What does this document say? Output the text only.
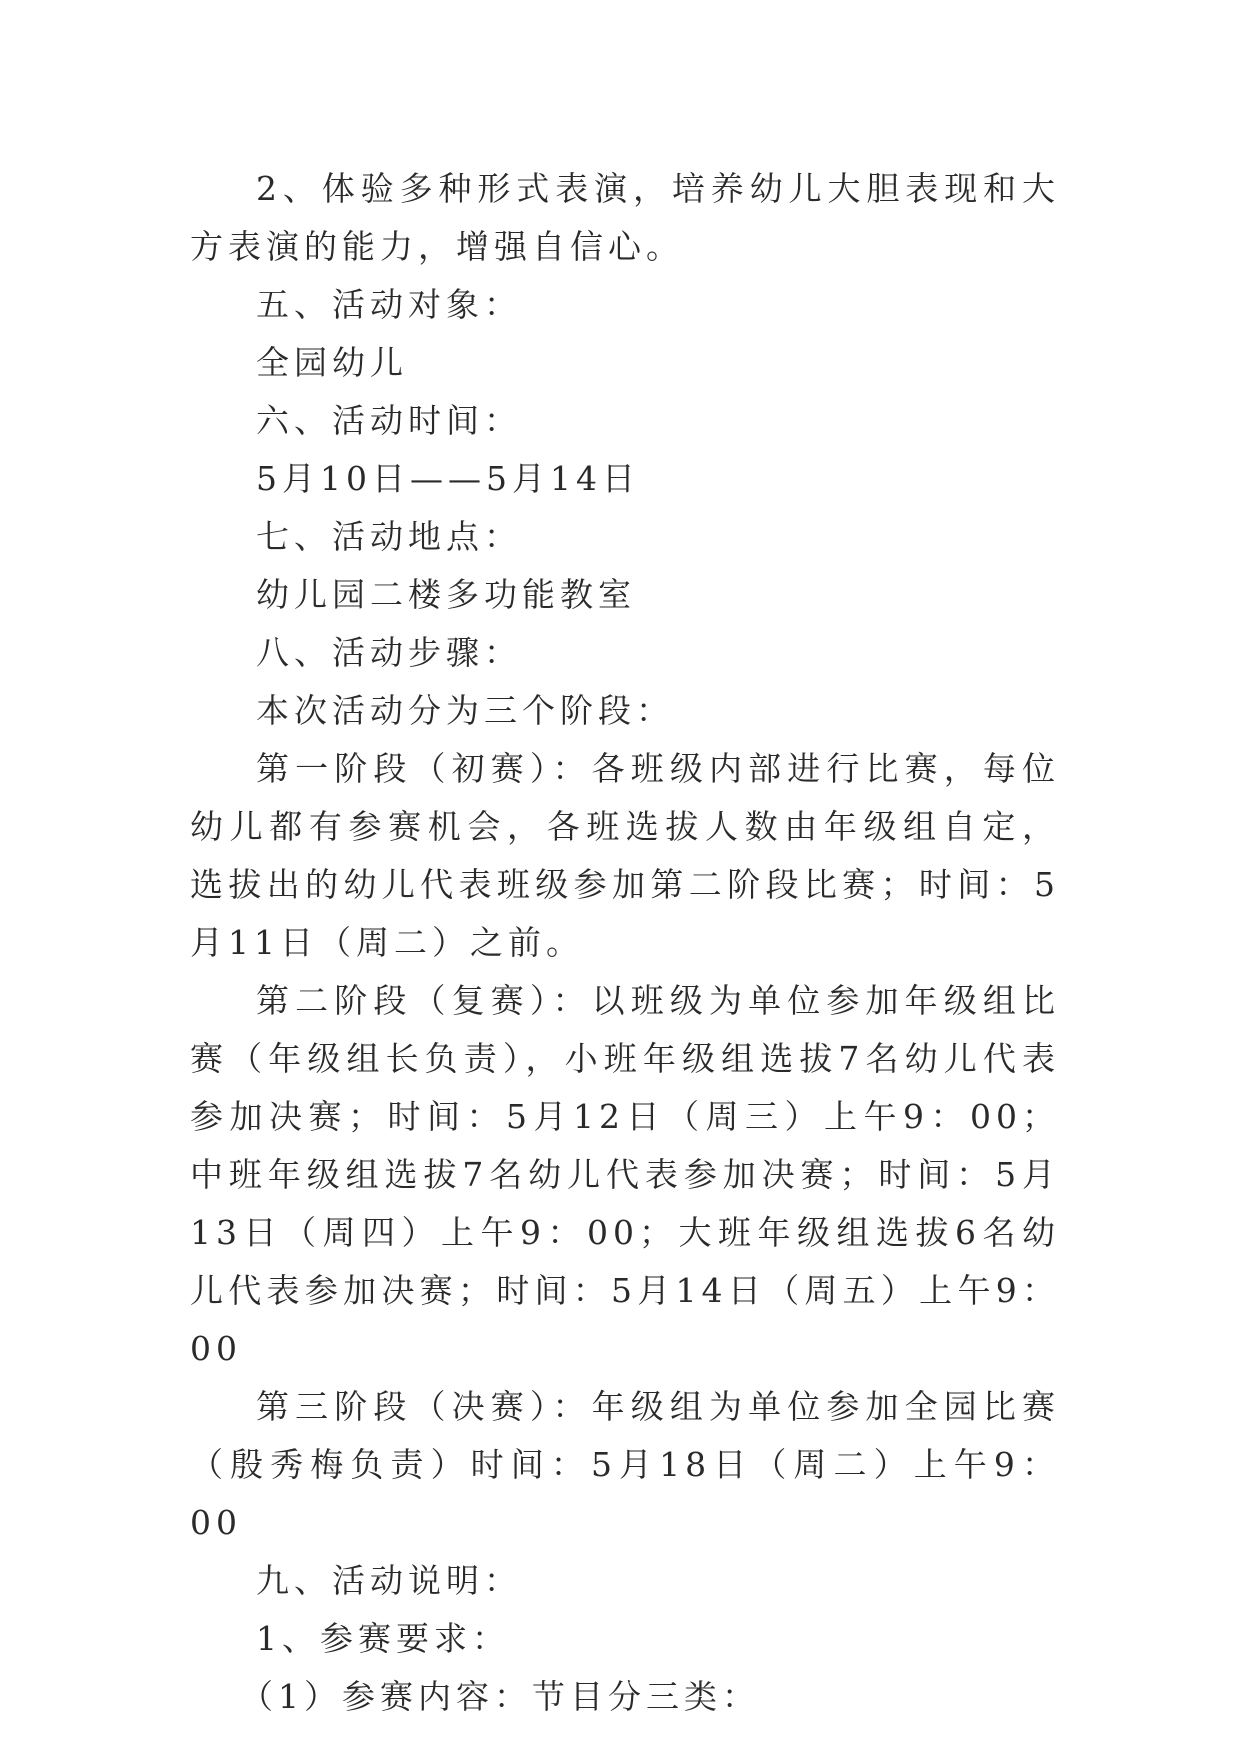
2、体验多种形式表演，培养幼儿大胆表现和大方表演的能力，增强自信心。

五、活动对象：

全园幼儿

六、活动时间：

5月10日——5月14日

七、活动地点：

幼儿园二楼多功能教室

八、活动步骤：

本次活动分为三个阶段：

第一阶段（初赛）：各班级内部进行比赛，每位幼儿都有参赛机会，各班选拔人数由年级组自定，选拔出的幼儿代表班级参加第二阶段比赛；时间：5月11日（周二）之前。

第二阶段（复赛）：以班级为单位参加年级组比赛（年级组长负责），小班年级组选拔7名幼儿代表参加决赛；时间：5月12日（周三）上午9：00；中班年级组选拔7名幼儿代表参加决赛；时间：5月13日（周四）上午9：00；大班年级组选拔6名幼儿代表参加决赛；时间：5月14日（周五）上午9：00

第三阶段（决赛）：年级组为单位参加全园比赛（殷秀梅负责）时间：5月18日（周二）上午9：00

九、活动说明：

1、参赛要求：

（1）参赛内容：节目分三类：
